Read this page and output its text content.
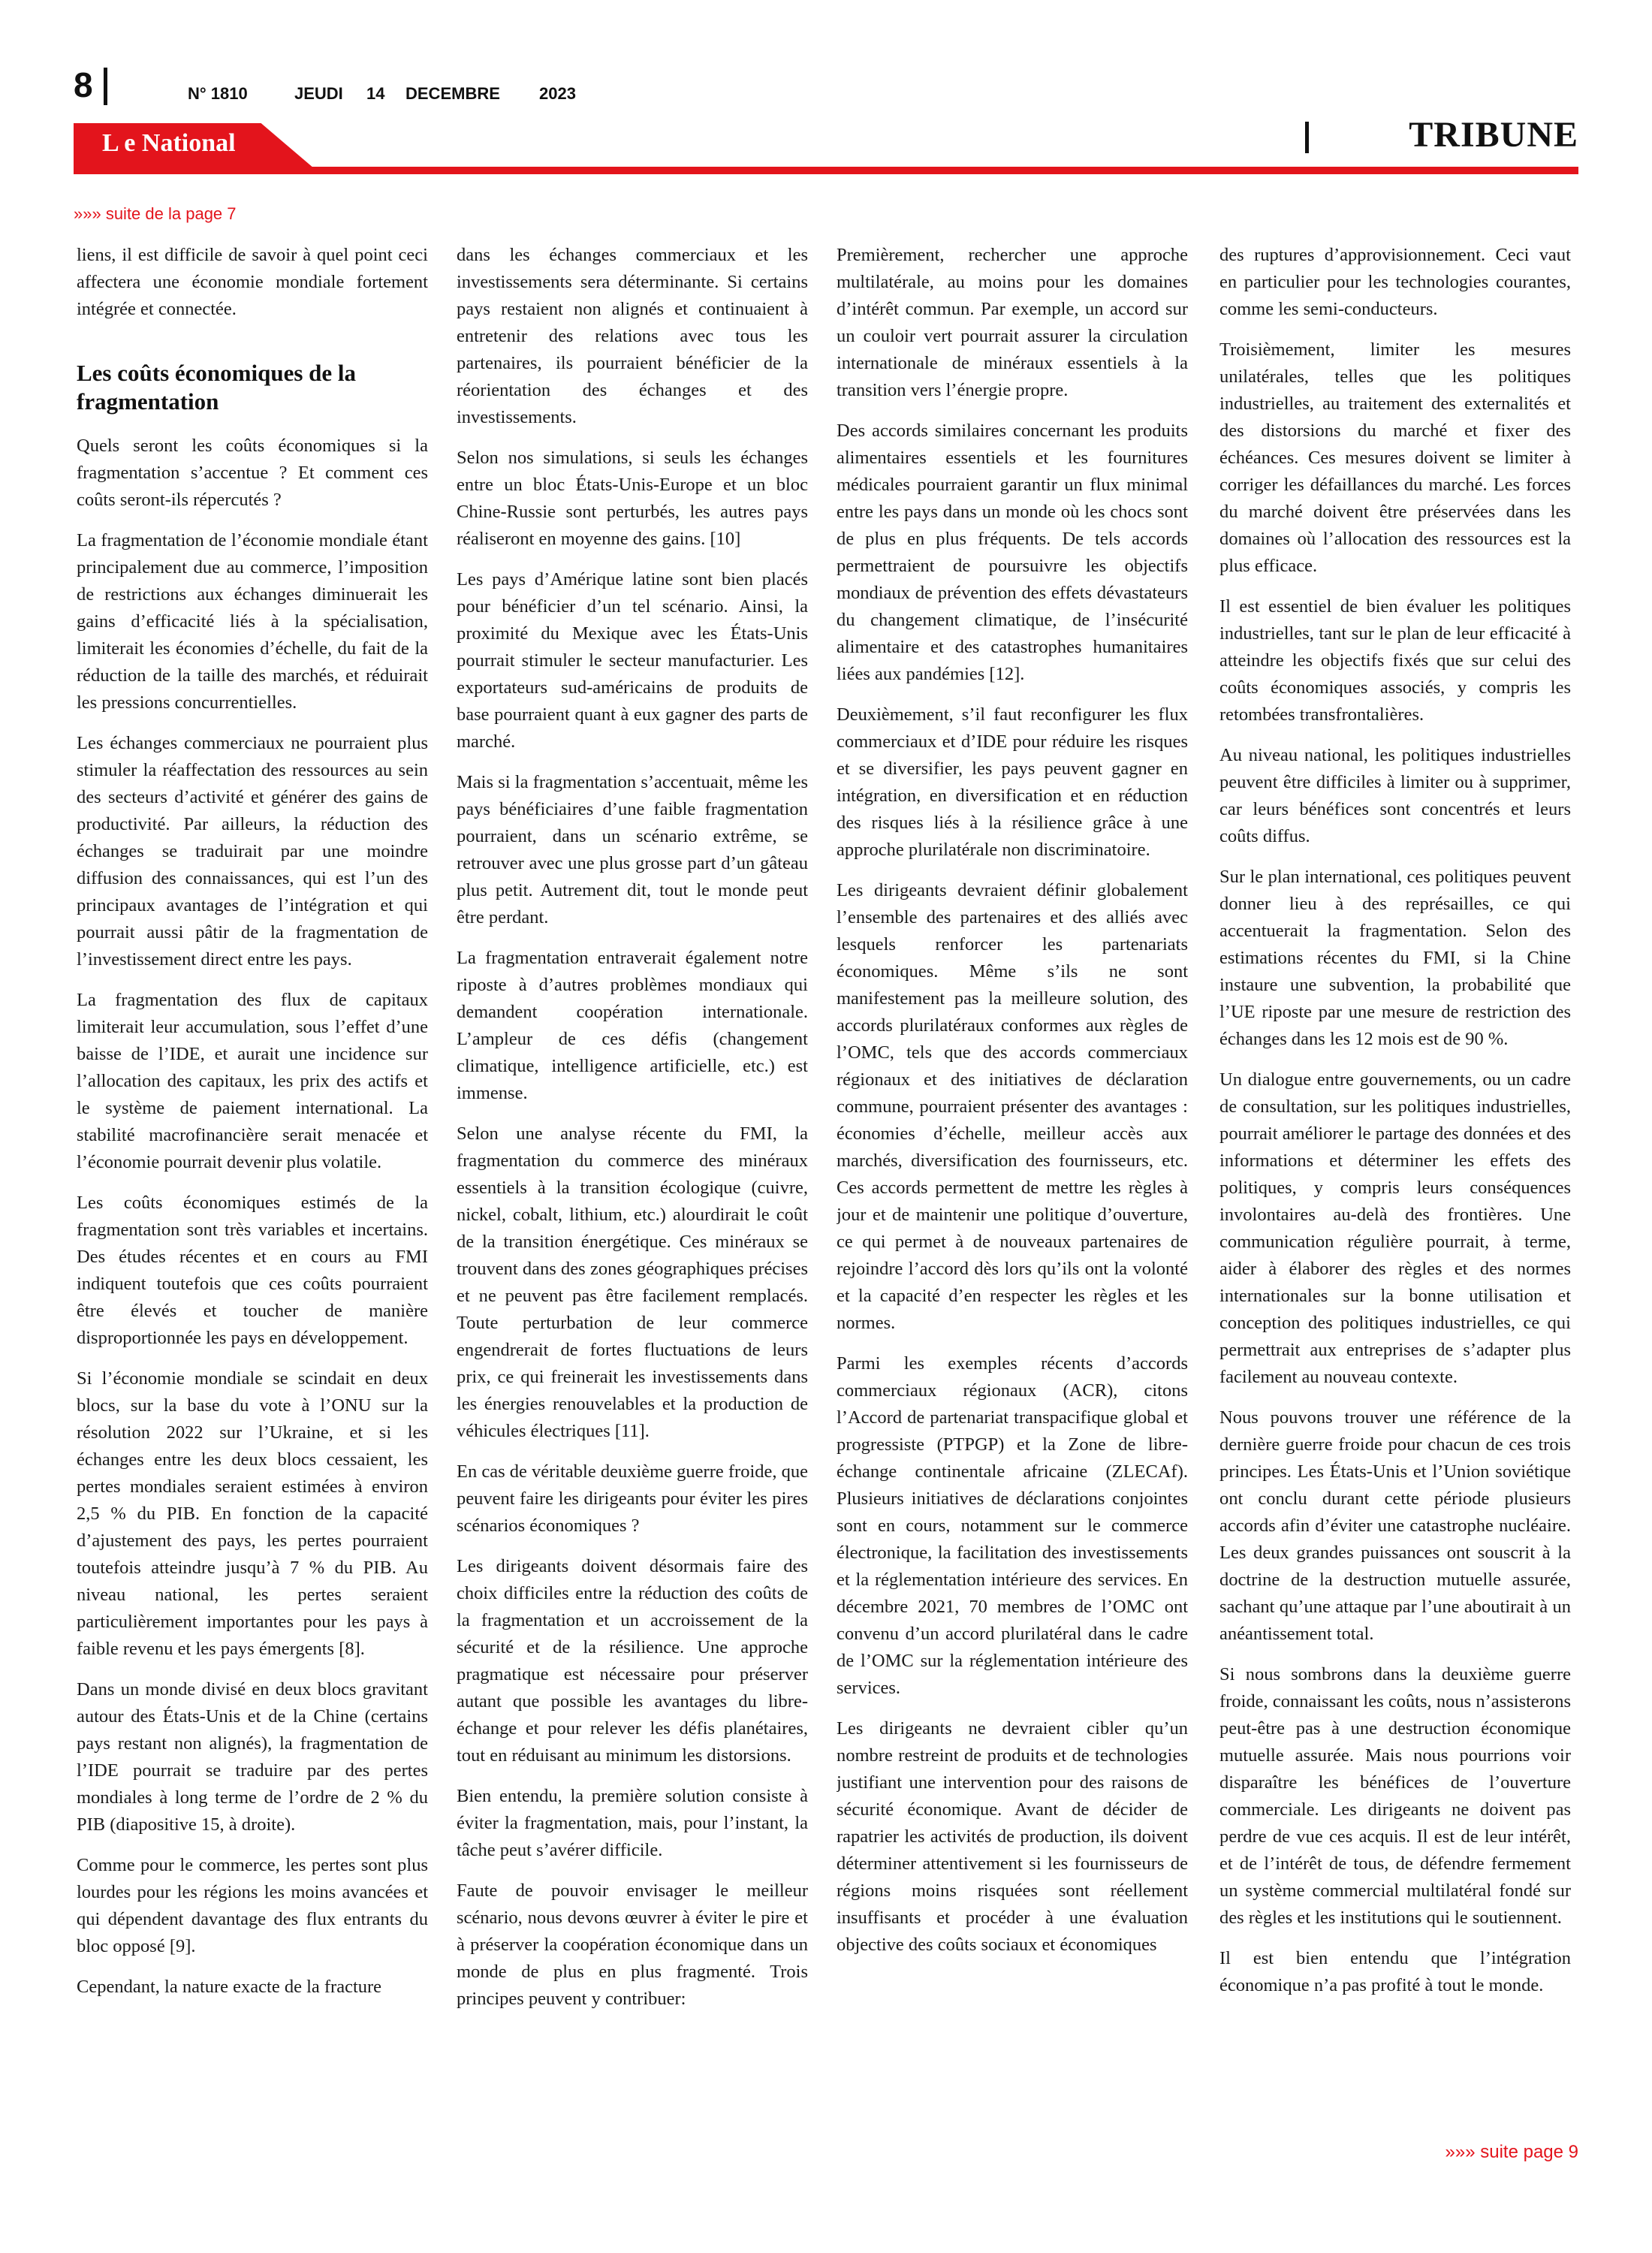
8	N° 1810	JEUDI 14 DECEMBRE 2023
L e National	TRIBUNE
»»» suite de la page 7

liens, il est difficile de savoir à quel point ceci affectera une économie mondiale fortement intégrée et connectée.

Les coûts économiques de la fragmentation

Quels seront les coûts économiques si la fragmentation s’accentue ? Et comment ces coûts seront-ils répercutés ?

La fragmentation de l’économie mondiale étant principalement due au commerce, l’imposition de restrictions aux échanges diminuerait les gains d’efficacité liés à la spécialisation, limiterait les économies d’échelle, du fait de la réduction de la taille des marchés, et réduirait les pressions concurrentielles.

Les échanges commerciaux ne pourraient plus stimuler la réaffectation des ressources au sein des secteurs d’activité et générer des gains de productivité. Par ailleurs, la réduction des échanges se traduirait par une moindre diffusion des connaissances, qui est l’un des principaux avantages de l’intégration et qui pourrait aussi pâtir de la fragmentation de l’investissement direct entre les pays.

La fragmentation des flux de capitaux limiterait leur accumulation, sous l’effet d’une baisse de l’IDE, et aurait une incidence sur l’allocation des capitaux, les prix des actifs et le système de paiement international. La stabilité macrofinancière serait menacée et l’économie pourrait devenir plus volatile.

Les coûts économiques estimés de la fragmentation sont très variables et incertains. Des études récentes et en cours au FMI indiquent toutefois que ces coûts pourraient être élevés et toucher de manière disproportionnée les pays en développement.

Si l’économie mondiale se scindait en deux blocs, sur la base du vote à l’ONU sur la résolution 2022 sur l’Ukraine, et si les échanges entre les deux blocs cessaient, les pertes mondiales seraient estimées à environ 2,5 % du PIB. En fonction de la capacité d’ajustement des pays, les pertes pourraient toutefois atteindre jusqu’à 7 % du PIB. Au niveau national, les pertes seraient particulièrement importantes pour les pays à faible revenu et les pays émergents [8].

Dans un monde divisé en deux blocs gravitant autour des États-Unis et de la Chine (certains pays restant non alignés), la fragmentation de l’IDE pourrait se traduire par des pertes mondiales à long terme de l’ordre de 2 % du PIB (diapositive 15, à droite).

Comme pour le commerce, les pertes sont plus lourdes pour les régions les moins avancées et qui dépendent davantage des flux entrants du bloc opposé [9].

Cependant, la nature exacte de la fracture

dans les échanges commerciaux et les investissements sera déterminante. Si certains pays restaient non alignés et continuaient à entretenir des relations avec tous les partenaires, ils pourraient bénéficier de la réorientation des échanges et des investissements.

Selon nos simulations, si seuls les échanges entre un bloc États-Unis-Europe et un bloc Chine-Russie sont perturbés, les autres pays réaliseront en moyenne des gains. [10]

Les pays d’Amérique latine sont bien placés pour bénéficier d’un tel scénario. Ainsi, la proximité du Mexique avec les États-Unis pourrait stimuler le secteur manufacturier. Les exportateurs sud-américains de produits de base pourraient quant à eux gagner des parts de marché.

Mais si la fragmentation s’accentuait, même les pays bénéficiaires d’une faible fragmentation pourraient, dans un scénario extrême, se retrouver avec une plus grosse part d’un gâteau plus petit. Autrement dit, tout le monde peut être perdant.

La fragmentation entraverait également notre riposte à d’autres problèmes mondiaux qui demandent coopération internationale. L’ampleur de ces défis (changement climatique, intelligence artificielle, etc.) est immense.

Selon une analyse récente du FMI, la fragmentation du commerce des minéraux essentiels à la transition écologique (cuivre, nickel, cobalt, lithium, etc.) alourdirait le coût de la transition énergétique. Ces minéraux se trouvent dans des zones géographiques précises et ne peuvent pas être facilement remplacés. Toute perturbation de leur commerce engendrerait de fortes fluctuations de leurs prix, ce qui freinerait les investissements dans les énergies renouvelables et la production de véhicules électriques [11].

En cas de véritable deuxième guerre froide, que peuvent faire les dirigeants pour éviter les pires scénarios économiques ?

Les dirigeants doivent désormais faire des choix difficiles entre la réduction des coûts de la fragmentation et un accroissement de la sécurité et de la résilience. Une approche pragmatique est nécessaire pour préserver autant que possible les avantages du libre-échange et pour relever les défis planétaires, tout en réduisant au minimum les distorsions.

Bien entendu, la première solution consiste à éviter la fragmentation, mais, pour l’instant, la tâche peut s’avérer difficile.

Faute de pouvoir envisager le meilleur scénario, nous devons œuvrer à éviter le pire et à préserver la coopération économique dans un monde de plus en plus fragmenté. Trois principes peuvent y contribuer:

Premièrement, rechercher une approche multilatérale, au moins pour les domaines d’intérêt commun. Par exemple, un accord sur un couloir vert pourrait assurer la circulation internationale de minéraux essentiels à la transition vers l’énergie propre.

Des accords similaires concernant les produits alimentaires essentiels et les fournitures médicales pourraient garantir un flux minimal entre les pays dans un monde où les chocs sont de plus en plus fréquents. De tels accords permettraient de poursuivre les objectifs mondiaux de prévention des effets dévastateurs du changement climatique, de l’insécurité alimentaire et des catastrophes humanitaires liées aux pandémies [12].

Deuxièmement, s’il faut reconfigurer les flux commerciaux et d’IDE pour réduire les risques et se diversifier, les pays peuvent gagner en intégration, en diversification et en réduction des risques liés à la résilience grâce à une approche plurilatérale non discriminatoire.

Les dirigeants devraient définir globalement l’ensemble des partenaires et des alliés avec lesquels renforcer les partenariats économiques. Même s’ils ne sont manifestement pas la meilleure solution, des accords plurilatéraux conformes aux règles de l’OMC, tels que des accords commerciaux régionaux et des initiatives de déclaration commune, pourraient présenter des avantages : économies d’échelle, meilleur accès aux marchés, diversification des fournisseurs, etc. Ces accords permettent de mettre les règles à jour et de maintenir une politique d’ouverture, ce qui permet à de nouveaux partenaires de rejoindre l’accord dès lors qu’ils ont la volonté et la capacité d’en respecter les règles et les normes.

Parmi les exemples récents d’accords commerciaux régionaux (ACR), citons l’Accord de partenariat transpacifique global et progressiste (PTPGP) et la Zone de libre-échange continentale africaine (ZLECAf). Plusieurs initiatives de déclarations conjointes sont en cours, notamment sur le commerce électronique, la facilitation des investissements et la réglementation intérieure des services. En décembre 2021, 70 membres de l’OMC ont convenu d’un accord plurilatéral dans le cadre de l’OMC sur la réglementation intérieure des services.

Les dirigeants ne devraient cibler qu’un nombre restreint de produits et de technologies justifiant une intervention pour des raisons de sécurité économique. Avant de décider de rapatrier les activités de production, ils doivent déterminer attentivement si les fournisseurs de régions moins risquées sont réellement insuffisants et procéder à une évaluation objective des coûts sociaux et économiques

des ruptures d’approvisionnement. Ceci vaut en particulier pour les technologies courantes, comme les semi-conducteurs.

Troisièmement, limiter les mesures unilatérales, telles que les politiques industrielles, au traitement des externalités et des distorsions du marché et fixer des échéances. Ces mesures doivent se limiter à corriger les défaillances du marché. Les forces du marché doivent être préservées dans les domaines où l’allocation des ressources est la plus efficace.

Il est essentiel de bien évaluer les politiques industrielles, tant sur le plan de leur efficacité à atteindre les objectifs fixés que sur celui des coûts économiques associés, y compris les retombées transfrontalières.

Au niveau national, les politiques industrielles peuvent être difficiles à limiter ou à supprimer, car leurs bénéfices sont concentrés et leurs coûts diffus.

Sur le plan international, ces politiques peuvent donner lieu à des représailles, ce qui accentuerait la fragmentation. Selon des estimations récentes du FMI, si la Chine instaure une subvention, la probabilité que l’UE riposte par une mesure de restriction des échanges dans les 12 mois est de 90 %.

Un dialogue entre gouvernements, ou un cadre de consultation, sur les politiques industrielles, pourrait améliorer le partage des données et des informations et déterminer les effets des politiques, y compris leurs conséquences involontaires au-delà des frontières. Une communication régulière pourrait, à terme, aider à élaborer des règles et des normes internationales sur la bonne utilisation et conception des politiques industrielles, ce qui permettrait aux entreprises de s’adapter plus facilement au nouveau contexte.

Nous pouvons trouver une référence de la dernière guerre froide pour chacun de ces trois principes. Les États-Unis et l’Union soviétique ont conclu durant cette période plusieurs accords afin d’éviter une catastrophe nucléaire. Les deux grandes puissances ont souscrit à la doctrine de la destruction mutuelle assurée, sachant qu’une attaque par l’une aboutirait à un anéantissement total.

Si nous sombrons dans la deuxième guerre froide, connaissant les coûts, nous n’assisterons peut-être pas à une destruction économique mutuelle assurée. Mais nous pourrions voir disparaître les bénéfices de l’ouverture commerciale. Les dirigeants ne doivent pas perdre de vue ces acquis. Il est de leur intérêt, et de l’intérêt de tous, de défendre fermement un système commercial multilatéral fondé sur des règles et les institutions qui le soutiennent.

Il est bien entendu que l’intégration économique n’a pas profité à tout le monde.

»»» suite page 9
